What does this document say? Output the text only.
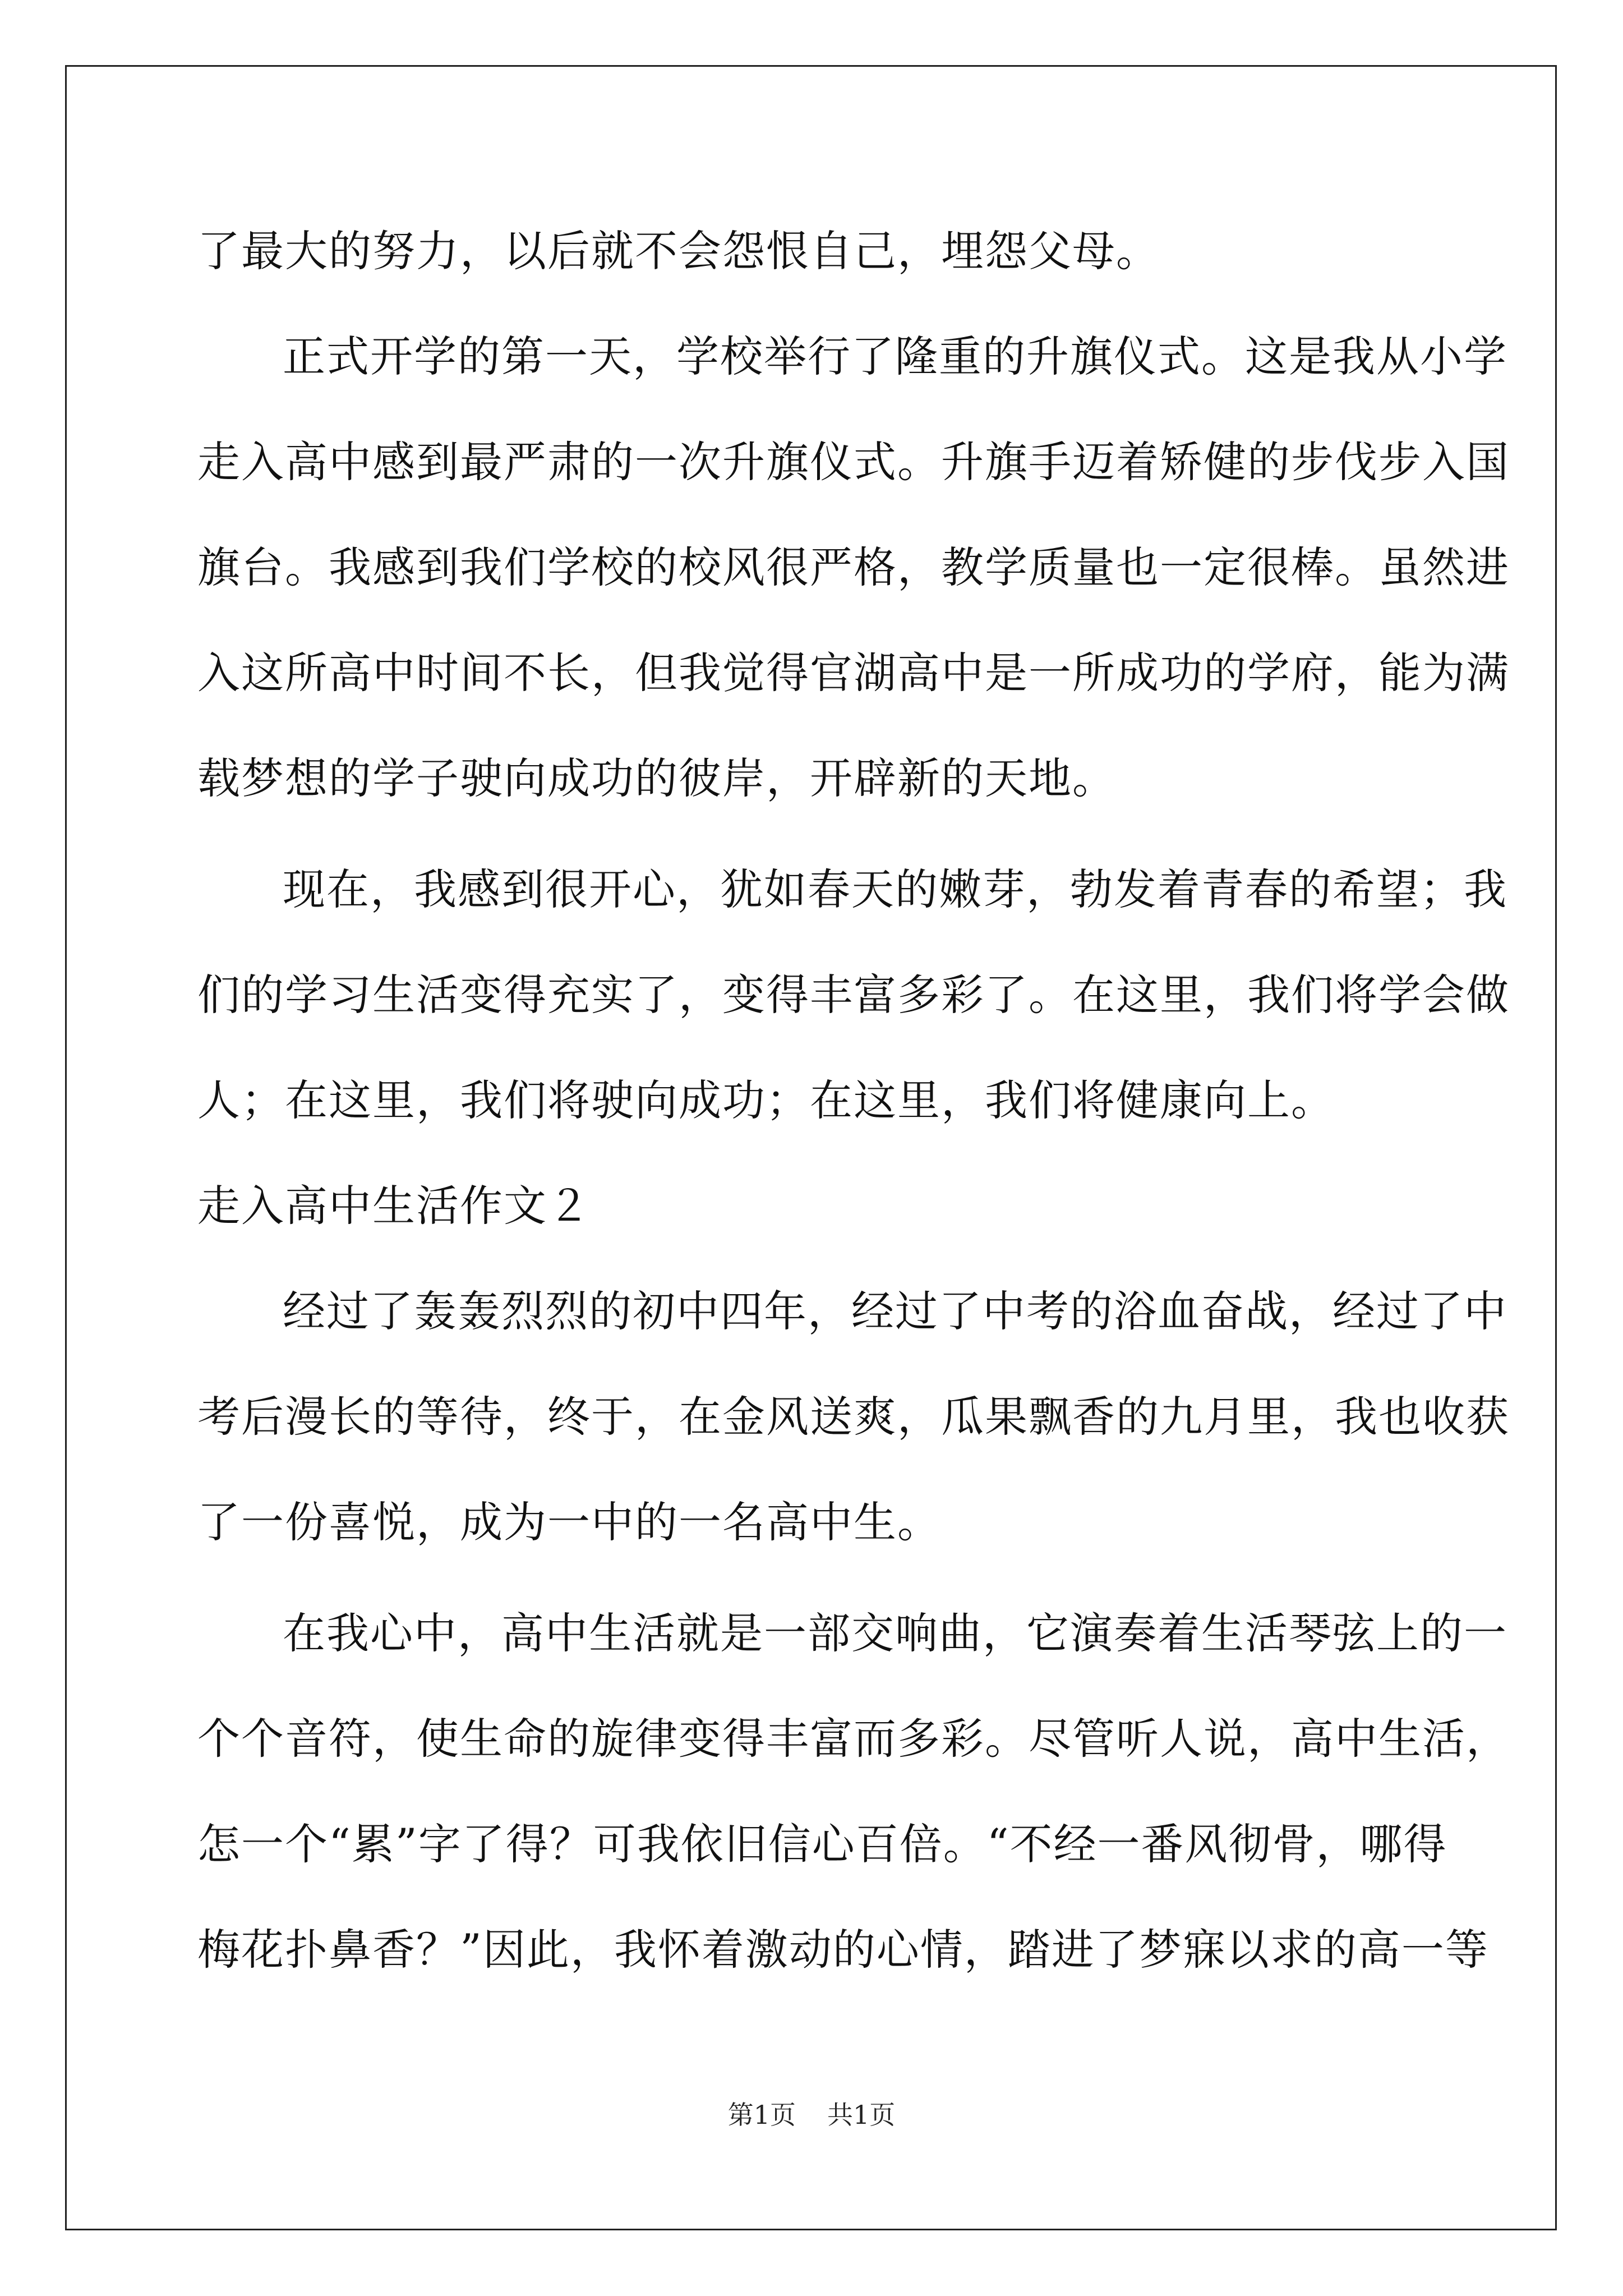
了最大的努力，以后就不会怨恨自己，埋怨父母。
正式开学的第一天，学校举行了隆重的升旗仪式。这是我从小学
走入高中感到最严肃的一次升旗仪式。升旗手迈着矫健的步伐步入国
旗台。我感到我们学校的校风很严格，教学质量也一定很棒。虽然进
入这所高中时间不长，但我觉得官湖高中是一所成功的学府，能为满
载梦想的学子驶向成功的彼岸，开辟新的天地。
现在，我感到很开心，犹如春天的嫩芽，勃发着青春的希望；我
们的学习生活变得充实了，变得丰富多彩了。在这里，我们将学会做
人；在这里，我们将驶向成功；在这里，我们将健康向上。
走入高中生活作文２
经过了轰轰烈烈的初中四年，经过了中考的浴血奋战，经过了中
考后漫长的等待，终于，在金风送爽，瓜果飘香的九月里，我也收获
了一份喜悦，成为一中的一名高中生。
在我心中，高中生活就是一部交响曲，它演奏着生活琴弦上的一
个个音符，使生命的旋律变得丰富而多彩。尽管听人说，高中生活，
怎一个“累”字了得？可我依旧信心百倍。“不经一番风彻骨，哪得
梅花扑鼻香？”因此，我怀着激动的心情，踏进了梦寐以求的高一等
第1页 共1页
